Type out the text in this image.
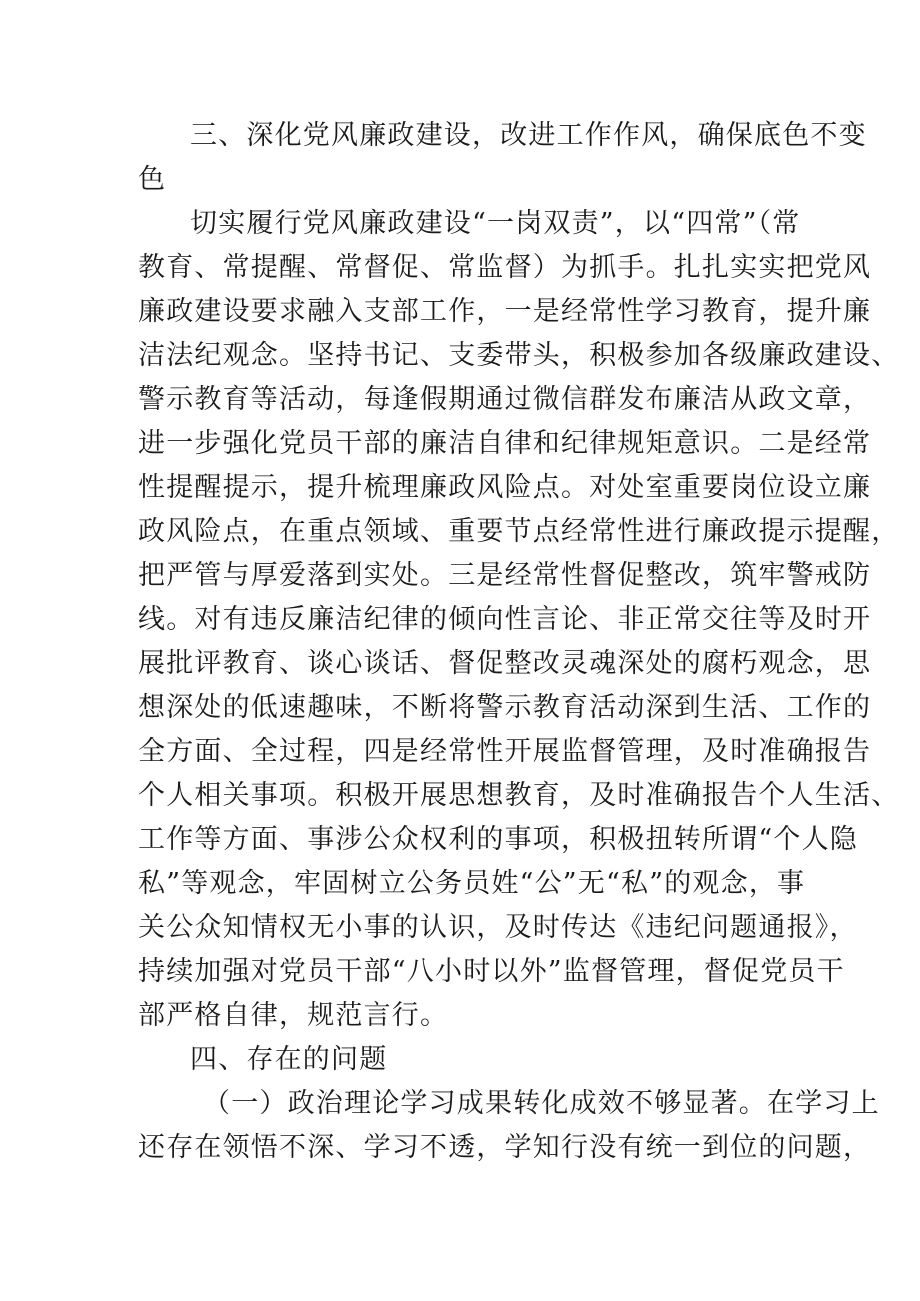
三、深化党风廉政建设，改进工作作风，确保底色不变
色
切实履行党风廉政建设“一岗双责”，以“四常”（常
教育、常提醒、常督促、常监督）为抓手。扎扎实实把党风
廉政建设要求融入支部工作，一是经常性学习教育，提升廉
洁法纪观念。坚持书记、支委带头，积极参加各级廉政建设、
警示教育等活动，每逢假期通过微信群发布廉洁从政文章，
进一步强化党员干部的廉洁自律和纪律规矩意识。二是经常
性提醒提示，提升梳理廉政风险点。对处室重要岗位设立廉
政风险点，在重点领域、重要节点经常性进行廉政提示提醒，
把严管与厚爱落到实处。三是经常性督促整改，筑牢警戒防
线。对有违反廉洁纪律的倾向性言论、非正常交往等及时开
展批评教育、谈心谈话、督促整改灵魂深处的腐朽观念，思
想深处的低速趣味，不断将警示教育活动深到生活、工作的
全方面、全过程，四是经常性开展监督管理，及时准确报告
个人相关事项。积极开展思想教育，及时准确报告个人生活、
工作等方面、事涉公众权利的事项，积极扭转所谓“个人隐
私”等观念，牢固树立公务员姓“公”无“私”的观念，事
关公众知情权无小事的认识，及时传达《违纪问题通报》，
持续加强对党员干部“八小时以外”监督管理，督促党员干
部严格自律，规范言行。
四、存在的问题
（一）政治理论学习成果转化成效不够显著。在学习上
还存在领悟不深、学习不透，学知行没有统一到位的问题，
